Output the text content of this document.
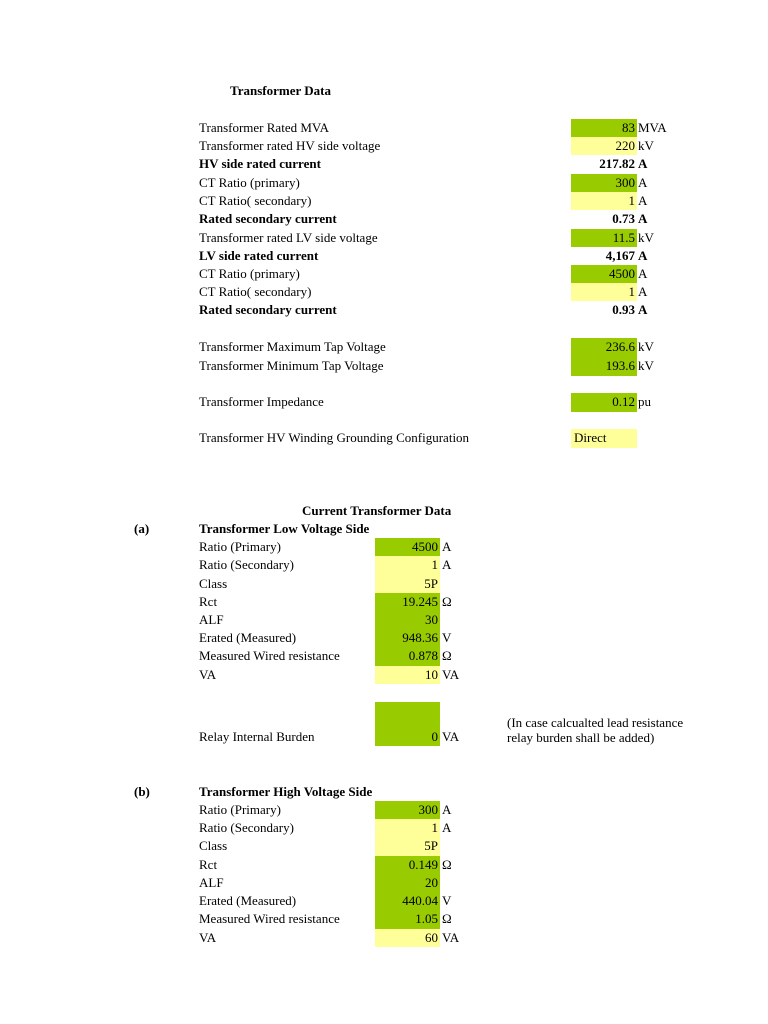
Transformer Data
Transformer Rated MVA	83 MVA
Transformer rated HV side voltage	220 kV
HV side rated current	217.82 A
CT Ratio (primary)	300 A
CT Ratio( secondary)	1 A
Rated secondary current	0.73 A
Transformer rated LV side voltage	11.5 kV
LV side rated current	4,167 A
CT Ratio (primary)	4500 A
CT Ratio( secondary)	1 A
Rated secondary current	0.93 A
Transformer Maximum Tap Voltage	236.6 kV
Transformer Minimum Tap Voltage	193.6 kV
Transformer Impedance	0.12 pu
Transformer HV Winding Grounding Configuration	Direct
Current Transformer Data
(a)	Transformer Low Voltage Side
Ratio (Primary)	4500 A
Ratio (Secondary)	1 A
Class	5P
Rct	19.245 Ω
ALF	30
Erated (Measured)	948.36 V
Measured Wired resistance	0.878 Ω
VA	10 VA
Relay Internal Burden	0 VA
(In case calcualted lead resistance
relay burden shall be added)
(b)	Transformer High Voltage Side
Ratio (Primary)	300 A
Ratio (Secondary)	1 A
Class	5P
Rct	0.149 Ω
ALF	20
Erated (Measured)	440.04 V
Measured Wired resistance	1.05 Ω
VA	60 VA
